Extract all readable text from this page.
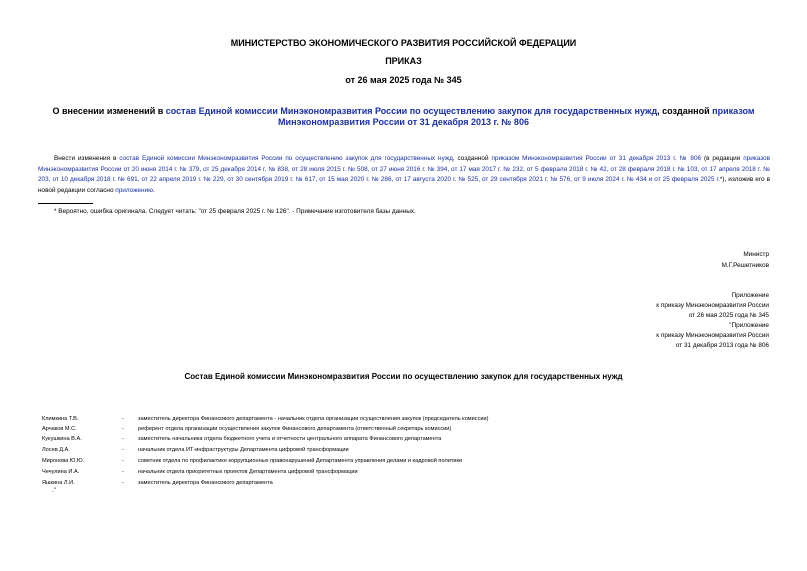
МИНИСТЕРСТВО ЭКОНОМИЧЕСКОГО РАЗВИТИЯ РОССИЙСКОЙ ФЕДЕРАЦИИ
ПРИКАЗ
от 26 мая 2025 года № 345
О внесении изменений в состав Единой комиссии Минэкономразвития России по осуществлению закупок для государственных нужд, созданной приказом
Минэкономразвития России от 31 декабря 2013 г. № 806
Внести изменения в состав Единой комиссии Минэкономразвития России по осуществлению закупок для государственных нужд, созданной приказом Минэкономразвития России от 31 декабря 2013 г. № 806 (в редакции приказов Минэкономразвития России от 20 июня 2014 г. № 379, от 25 декабря 2014 г. № 838, от 28 июля 2015 г. № 508, от 27 июня 2016 г. № 394, от 17 мая 2017 г. № 232, от 5 февраля 2018 г. № 42, от 28 февраля 2018 г. № 103, от 17 апреля 2018 г. № 203, от 10 декабря 2018 г. № 691, от 22 апреля 2019 г. № 229, от 30 сентября 2019 г. № 617, от 15 мая 2020 г. № 286, от 17 августа 2020 г. № 525, от 29 сентября 2021 г. № 576, от 9 июля 2024 г. № 434 и от 25 февраля 2025 г.*), изложив его в новой редакции согласно приложению.
* Вероятно, ошибка оригинала. Следует читать: "от 25 февраля 2025 г. № 126". - Примечание изготовителя базы данных.
Министр
М.Г.Решетников
Приложение
к приказу Минэкономразвития России
от 26 мая 2025 года № 345
"Приложение
к приказу Минэкономразвития России
от 31 декабря 2013 года № 806
Состав Единой комиссии Минэкономразвития России по осуществлению закупок для государственных нужд
Климкина Т.В.	-	заместитель директора Финансового департамента - начальник отдела организации осуществления закупок (председатель комиссии)
Арчаков М.С.	-	референт отдела организации осуществления закупок Финансового департамента (ответственный секретарь комиссии)
Кукушкина В.А.	-	заместитель начальника отдела бюджетного учета и отчетности центрального аппарата Финансового департамента
Лосев Д.А.	-	начальник отдела ИТ-инфраструктуры Департамента цифровой трансформации
Миронова Ю.Ю.	-	советник отдела по профилактике коррупционных правонарушений Департамента управления делами и кадровой политики
Чечулина И.А.	-	начальник отдела приоритетных проектов Департамента цифровой трансформации
Яшкина Л.И.	-	заместитель директора Финансового департамента
."
